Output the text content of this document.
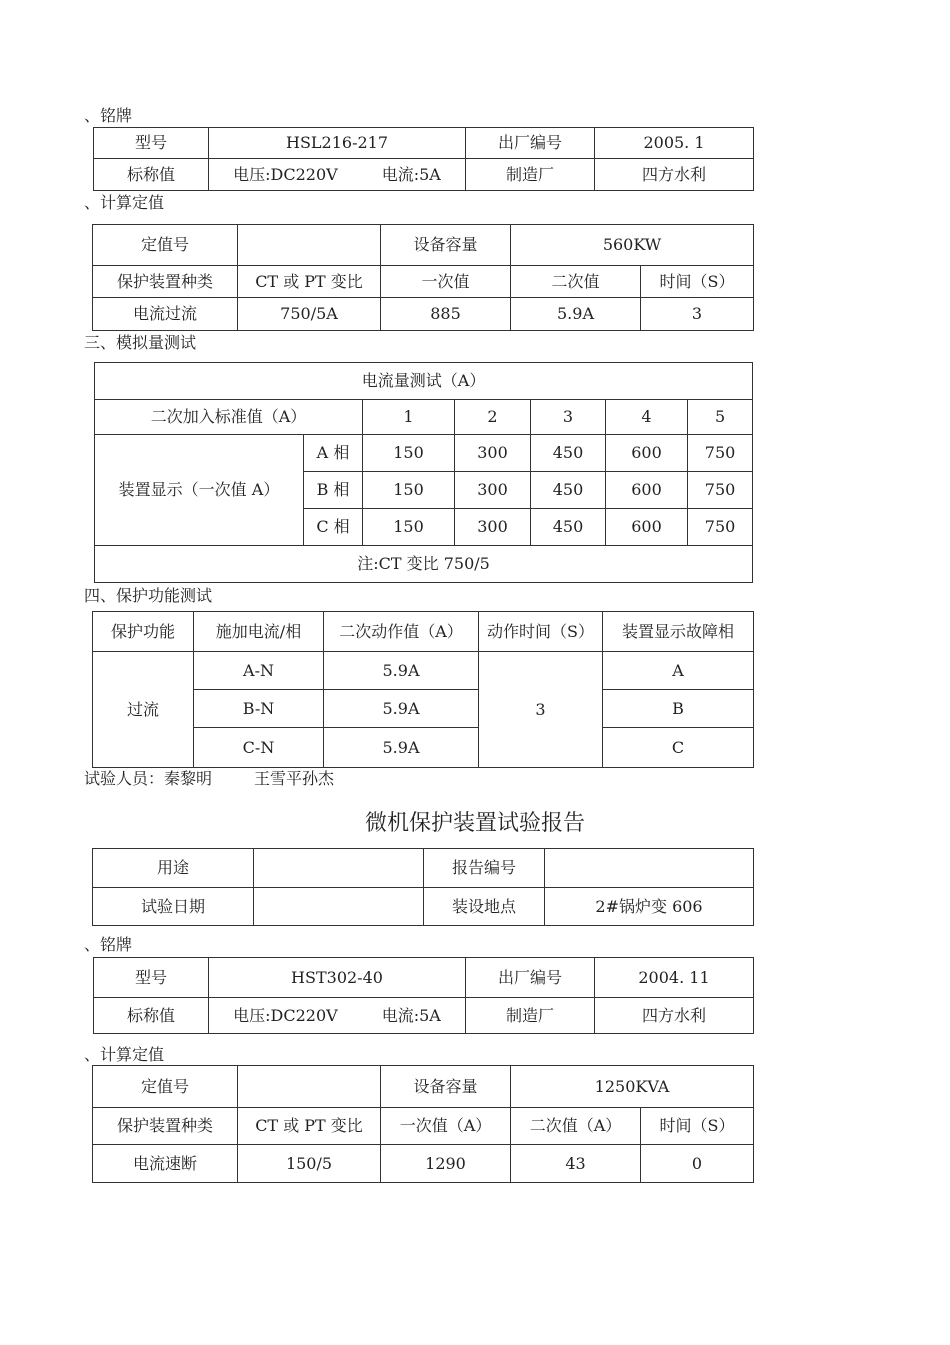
、铭牌
型号	HSL216-217	出厂编号	2005. 1
标称值	电压:DC220V 电流:5A	制造厂	四方水利
、计算定值
定值号		设备容量	560KW	
保护装置种类	CT 或 PT 变比	一次值	二次值	时间（S）
电流过流	750/5A	885	5.9A	3
三、模拟量测试
电流量测试（A）						
二次加入标准值（A）		1	2	3	4	5
装置显示（一次值 A）	A 相	150	300	450	600	750
	B 相	150	300	450	600	750
	C 相	150	300	450	600	750
注:CT 变比 750/5						
四、保护功能测试
保护功能	施加电流/相	二次动作值（A）	动作时间（S）	装置显示故障相
过流	A-N	5.9A	3	A
	B-N	5.9A		B
	C-N	5.9A		C
试验人员：秦黎明	王雪平孙杰
微机保护装置试验报告
用途		报告编号	
试验日期		装设地点	2#锅炉变 606
、铭牌
型号	HST302-40	出厂编号	2004. 11
标称值	电压:DC220V 电流:5A	制造厂	四方水利
、计算定值
定值号		设备容量	1250KVA	
保护装置种类	CT 或 PT 变比	一次值（A）	二次值（A）	时间（S）
电流速断	150/5	1290	43	0
